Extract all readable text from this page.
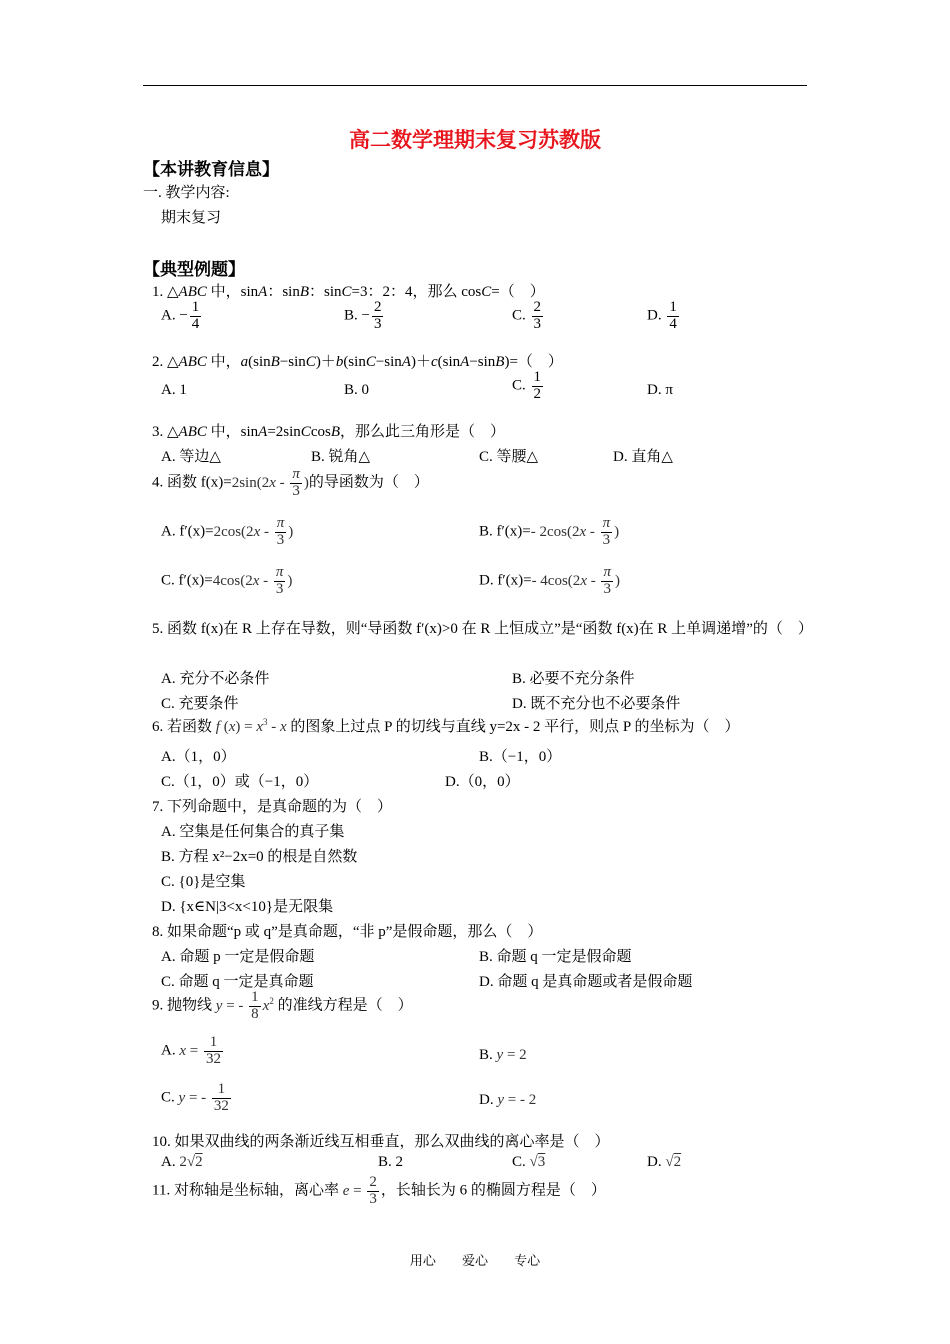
高二数学理期末复习苏教版
【本讲教育信息】
一. 教学内容:
期末复习
【典型例题】
1. △ABC 中，sinA：sinB：sinC=3：2：4，那么 cosC=（　）
A. − $\frac{1}{4}$	B. − $\frac{2}{3}$	C. $\frac{2}{3}$	D. $\frac{1}{4}$
2. △ABC 中，a(sinB−sinC)＋b(sinC−sinA)＋c(sinA−sinB)=（　）
A. 1	B. 0	C. $\frac{1}{2}$	D. π
3. △ABC 中，sinA=2sinCcosB，那么此三角形是（　）
A. 等边△	B. 锐角△	C. 等腰△	D. 直角△
4. 函数 $f(x)=2\sin(2x - \frac{\pi}{3}$ )的导函数为（　）
A. $f'(x)=2\cos(2x - \frac{\pi}{3}$ )	B. f′(x)=- $2\cos(2x - \frac{\pi}{3}$ )
C. $f'(x)=4\cos(2x - \frac{\pi}{3}$ )	D. f′(x)=- $4\cos(2x - \frac{\pi}{3}$ )
5. 函数 f(x)在 R 上存在导数，则“导函数 f′(x)>0 在 R 上恒成立”是“函数 f(x)在 R 上单调递增”的（　）
A. 充分不必条件	B. 必要不充分条件
C. 充要条件	D. 既不充分也不必要条件
6. 若函数 f $(x) = x^3 - x$ 的图象上过点 P 的切线与直线 y=2x - 2 平行，则点 P 的坐标为（　）
A.（1，0）	B.（−1，0）
C.（1，0）或（−1，0）	D.（0，0）
7. 下列命题中，是真命题的为（　）
A. 空集是任何集合的真子集
B. 方程 x²−2x=0 的根是自然数
C. {0}是空集
D. {x∈N|3<x<10}是无限集
8. 如果命题“p 或 q”是真命题，“非 p”是假命题，那么（　）
A. 命题 p 一定是假命题	B. 命题 q 一定是假命题
C. 命题 q 一定是真命题	D. 命题 q 是真命题或者是假命题
9. 抛物线 y = - $\frac{1}{8} x^2$ 的准线方程是（　）
A. $x = \frac{1}{32}$	B. y = 2
C. y = - $\frac{1}{32}$	D. y = - 2
10. 如果双曲线的两条渐近线互相垂直，那么双曲线的离心率是（　）
A. 2√2	B. 2	C. √3	D. √2
11. 对称轴是坐标轴，离心率 $e = \frac{2}{3}$ ，长轴长为 6 的椭圆方程是（　）
用心 爱心 专心
